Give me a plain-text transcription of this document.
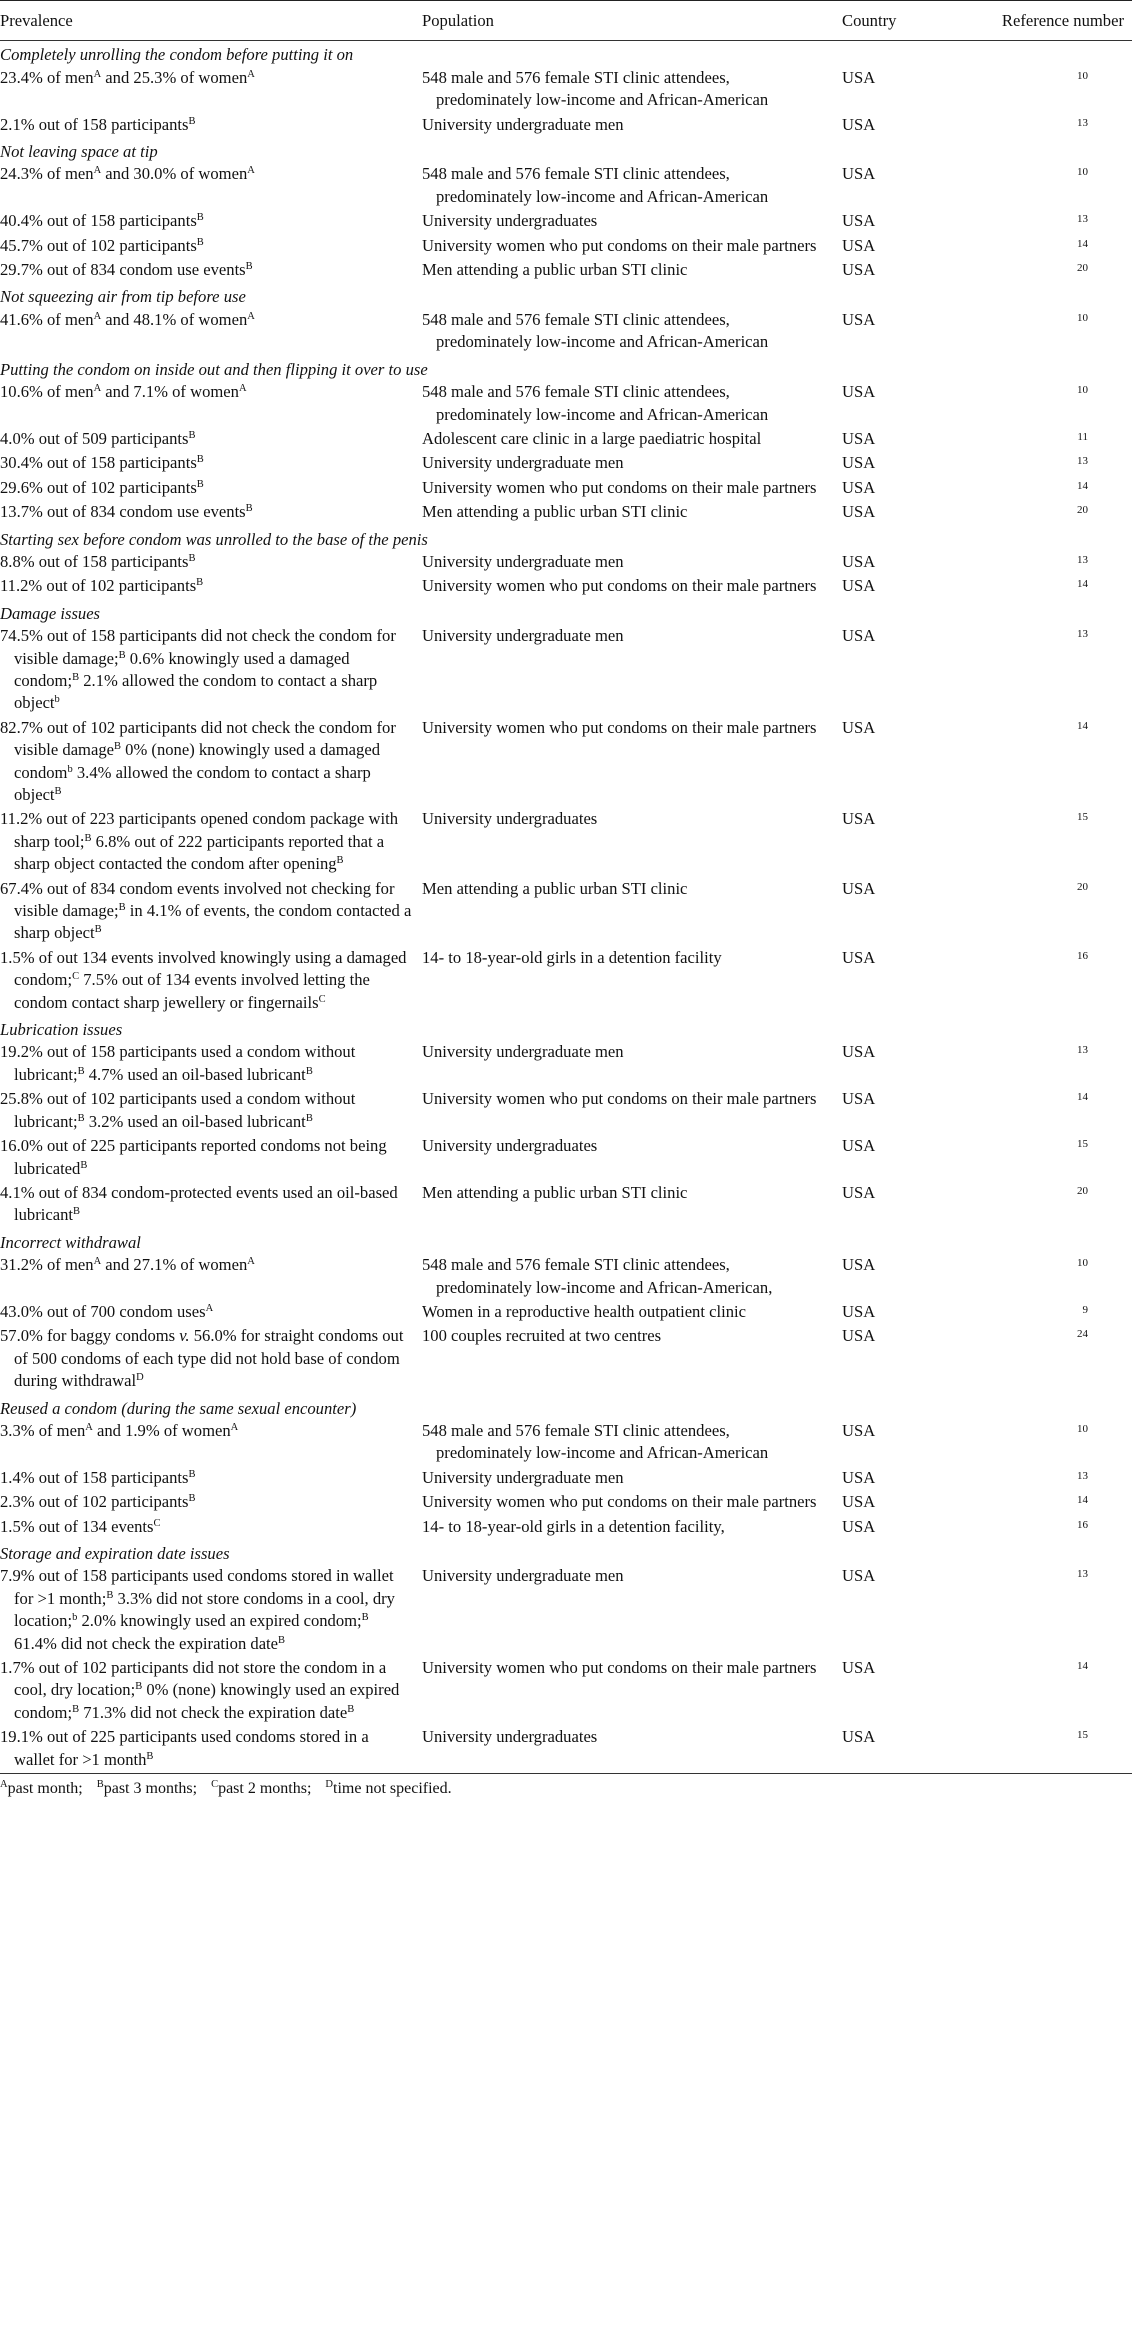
Prevalence	Population	Country	Reference number
Completely unrolling the condom before putting it on			

23.4% of men$^A$ and 25.3% of women$^A$	548 male and 576 female STI clinic attendees, predominately low-income and African-American	USA	10

2.1% out of 158 participants$^B$	University undergraduate men	USA	13
Not leaving space at tip			

24.3% of men$^A$ and 30.0% of women$^A$	548 male and 576 female STI clinic attendees, predominately low-income and African-American	USA	10

40.4% out of 158 participants$^B$	University undergraduates	USA	13

45.7% out of 102 participants$^B$	University women who put condoms on their male partners	USA	14

29.7% out of 834 condom use events$^B$	Men attending a public urban STI clinic	USA	20
Not squeezing air from tip before use			

41.6% of men$^A$ and 48.1% of women$^A$	548 male and 576 female STI clinic attendees, predominately low-income and African-American	USA	10
Putting the condom on inside out and then flipping it over to use			

10.6% of men$^A$ and 7.1% of women$^A$	548 male and 576 female STI clinic attendees, predominately low-income and African-American	USA	10

4.0% out of 509 participants$^B$	Adolescent care clinic in a large paediatric hospital	USA	11

30.4% out of 158 participants$^B$	University undergraduate men	USA	13

29.6% out of 102 participants$^B$	University women who put condoms on their male partners	USA	14

13.7% out of 834 condom use events$^B$	Men attending a public urban STI clinic	USA	20
Starting sex before condom was unrolled to the base of the penis			

8.8% out of 158 participants$^B$	University undergraduate men	USA	13

11.2% out of 102 participants$^B$	University women who put condoms on their male partners	USA	14
Damage issues			

74.5% out of 158 participants did not check the condom for visible damage;$^B$ 0.6% knowingly used a damaged condom;$^B$ 2.1% allowed the condom to contact a sharp object$^b$	University undergraduate men	USA	13

82.7% out of 102 participants did not check the condom for visible damage$^B$ 0% (none) knowingly used a damaged condom$^b$ 3.4% allowed the condom to contact a sharp object$^B$	University women who put condoms on their male partners	USA	14

11.2% out of 223 participants opened condom package with sharp tool;$^B$ 6.8% out of 222 participants reported that a sharp object contacted the condom after opening$^B$	University undergraduates	USA	15

67.4% out of 834 condom events involved not checking for visible damage;$^B$ in 4.1% of events, the condom contacted a sharp object$^B$	Men attending a public urban STI clinic	USA	20

1.5% of out 134 events involved knowingly using a damaged condom;$^C$ 7.5% out of 134 events involved letting the condom contact sharp jewellery or fingernails$^C$	14- to 18-year-old girls in a detention facility	USA	16
Lubrication issues			

19.2% out of 158 participants used a condom without lubricant;$^B$ 4.7% used an oil-based lubricant$^B$	University undergraduate men	USA	13

25.8% out of 102 participants used a condom without lubricant;$^B$ 3.2% used an oil-based lubricant$^B$	University women who put condoms on their male partners	USA	14

16.0% out of 225 participants reported condoms not being lubricated$^B$	University undergraduates	USA	15

4.1% out of 834 condom-protected events used an oil-based lubricant$^B$	Men attending a public urban STI clinic	USA	20
Incorrect withdrawal			

31.2% of men$^A$ and 27.1% of women$^A$	548 male and 576 female STI clinic attendees, predominately low-income and African-American,	USA	10

43.0% out of 700 condom uses$^A$	Women in a reproductive health outpatient clinic	USA	9

57.0% for baggy condoms v. 56.0% for straight condoms out of 500 condoms of each type did not hold base of condom during withdrawal$^D$	100 couples recruited at two centres	USA	24
Reused a condom (during the same sexual encounter)			

3.3% of men$^A$ and 1.9% of women$^A$	548 male and 576 female STI clinic attendees, predominately low-income and African-American	USA	10

1.4% out of 158 participants$^B$	University undergraduate men	USA	13

2.3% out of 102 participants$^B$	University women who put condoms on their male partners	USA	14

1.5% out of 134 events$^C$	14- to 18-year-old girls in a detention facility,	USA	16
Storage and expiration date issues			

7.9% out of 158 participants used condoms stored in wallet for >1 month;$^B$ 3.3% did not store condoms in a cool, dry location;$^b$ 2.0% knowingly used an expired condom;$^B$ 61.4% did not check the expiration date$^B$	University undergraduate men	USA	13

1.7% out of 102 participants did not store the condom in a cool, dry location;$^B$ 0% (none) knowingly used an expired condom;$^B$ 71.3% did not check the expiration date$^B$	University women who put condoms on their male partners	USA	14

19.1% out of 225 participants used condoms stored in a wallet for >1 month$^B$	University undergraduates	USA	15
$^A$past month; $^B$past 3 months; $^C$past 2 months; $^D$time not specified.
